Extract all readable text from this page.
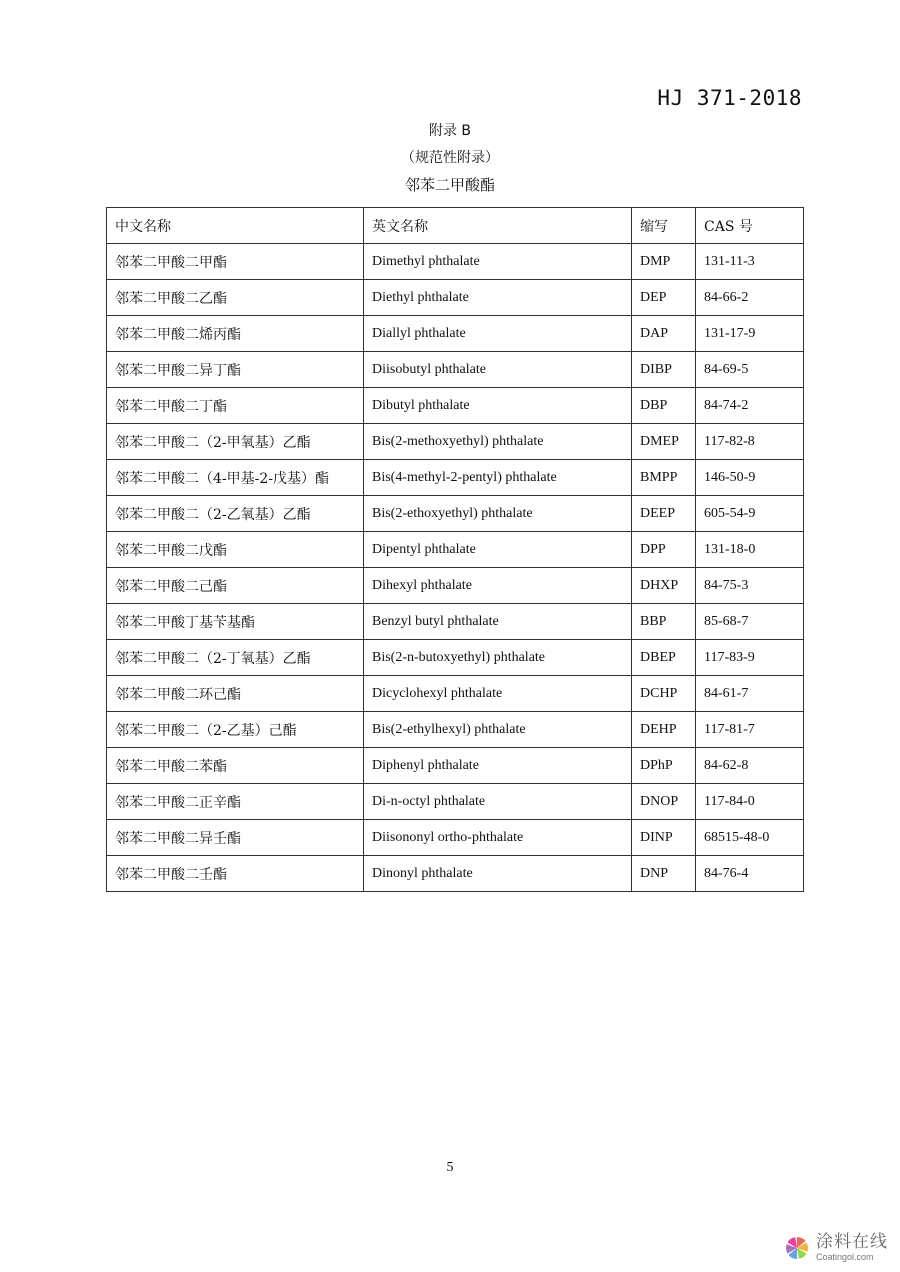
HJ 371-2018
附录 B
（规范性附录）
邻苯二甲酸酯
中文名称	英文名称	缩写	CAS 号
邻苯二甲酸二甲酯	Dimethyl phthalate	DMP	131-11-3
邻苯二甲酸二乙酯	Diethyl phthalate	DEP	84-66-2
邻苯二甲酸二烯丙酯	Diallyl phthalate	DAP	131-17-9
邻苯二甲酸二异丁酯	Diisobutyl phthalate	DIBP	84-69-5
邻苯二甲酸二丁酯	Dibutyl phthalate	DBP	84-74-2
邻苯二甲酸二（2-甲氧基）乙酯	Bis(2-methoxyethyl) phthalate	DMEP	117-82-8
邻苯二甲酸二（4-甲基-2-戊基）酯	Bis(4-methyl-2-pentyl) phthalate	BMPP	146-50-9
邻苯二甲酸二（2-乙氧基）乙酯	Bis(2-ethoxyethyl) phthalate	DEEP	605-54-9
邻苯二甲酸二戊酯	Dipentyl phthalate	DPP	131-18-0
邻苯二甲酸二己酯	Dihexyl phthalate	DHXP	84-75-3
邻苯二甲酸丁基苄基酯	Benzyl butyl phthalate	BBP	85-68-7
邻苯二甲酸二（2-丁氧基）乙酯	Bis(2-n-butoxyethyl) phthalate	DBEP	117-83-9
邻苯二甲酸二环己酯	Dicyclohexyl phthalate	DCHP	84-61-7
邻苯二甲酸二（2-乙基）己酯	Bis(2-ethylhexyl) phthalate	DEHP	117-81-7
邻苯二甲酸二苯酯	Diphenyl phthalate	DPhP	84-62-8
邻苯二甲酸二正辛酯	Di-n-octyl phthalate	DNOP	117-84-0
邻苯二甲酸二异壬酯	Diisononyl ortho-phthalate	DINP	68515-48-0
邻苯二甲酸二壬酯	Dinonyl phthalate	DNP	84-76-4
5
涂料在线
Coatingol.com
